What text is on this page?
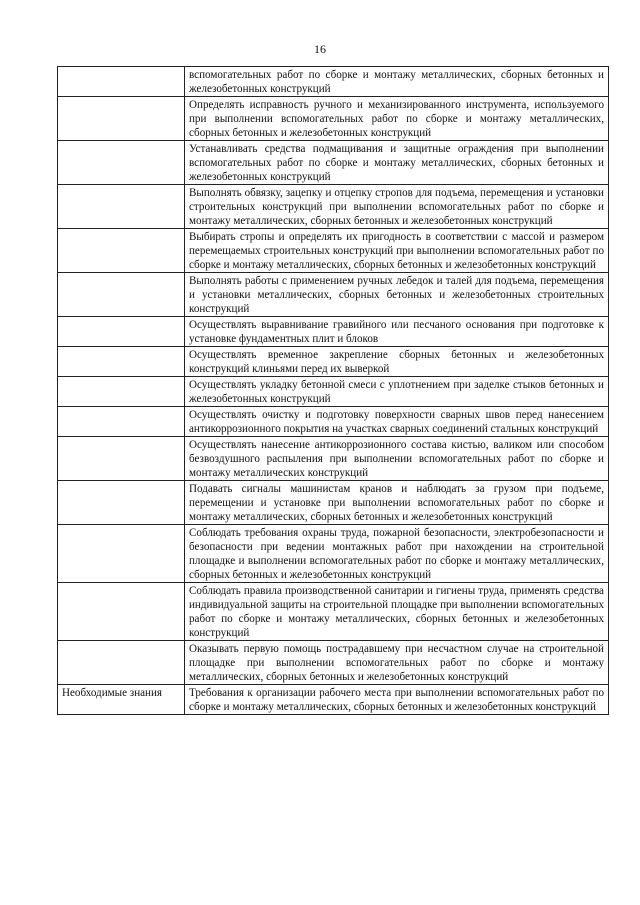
16
	вспомогательных работ по сборке и монтажу металлических, сборных бетонных и железобетонных конструкций
	Определять исправность ручного и механизированного инструмента, используемого при выполнении вспомогательных работ по сборке и монтажу металлических, сборных бетонных и железобетонных конструкций
	Устанавливать средства подмащивания и защитные ограждения при выполнении вспомогательных работ по сборке и монтажу металлических, сборных бетонных и железобетонных конструкций
	Выполнять обвязку, зацепку и отцепку стропов для подъема, перемещения и установки строительных конструкций при выполнении вспомогательных работ по сборке и монтажу металлических, сборных бетонных и железобетонных конструкций
	Выбирать стропы и определять их пригодность в соответствии с массой и размером перемещаемых строительных конструкций при выполнении вспомогательных работ по сборке и монтажу металлических, сборных бетонных и железобетонных конструкций
	Выполнять работы с применением ручных лебедок и талей для подъема, перемещения и установки металлических, сборных бетонных и железобетонных строительных конструкций
	Осуществлять выравнивание гравийного или песчаного основания при подготовке к установке фундаментных плит и блоков
	Осуществлять временное закрепление сборных бетонных и железобетонных конструкций клиньями перед их выверкой
	Осуществлять укладку бетонной смеси с уплотнением при заделке стыков бетонных и железобетонных конструкций
	Осуществлять очистку и подготовку поверхности сварных швов перед нанесением антикоррозионного покрытия на участках сварных соединений стальных конструкций
	Осуществлять нанесение антикоррозионного состава кистью, валиком или способом безвоздушного распыления при выполнении вспомогательных работ по сборке и монтажу металлических конструкций
	Подавать сигналы машинистам кранов и наблюдать за грузом при подъеме, перемещении и установке при выполнении вспомогательных работ по сборке и монтажу металлических, сборных бетонных и железобетонных конструкций
	Соблюдать требования охраны труда, пожарной безопасности, электробезопасности и безопасности при ведении монтажных работ при нахождении на строительной площадке и выполнении вспомогательных работ по сборке и монтажу металлических, сборных бетонных и железобетонных конструкций
	Соблюдать правила производственной санитарии и гигиены труда, применять средства индивидуальной защиты на строительной площадке при выполнении вспомогательных работ по сборке и монтажу металлических, сборных бетонных и железобетонных конструкций
	Оказывать первую помощь пострадавшему при несчастном случае на строительной площадке при выполнении вспомогательных работ по сборке и монтажу металлических, сборных бетонных и железобетонных конструкций
Необходимые знания	Требования к организации рабочего места при выполнении вспомогательных работ по сборке и монтажу металлических, сборных бетонных и железобетонных конструкций
